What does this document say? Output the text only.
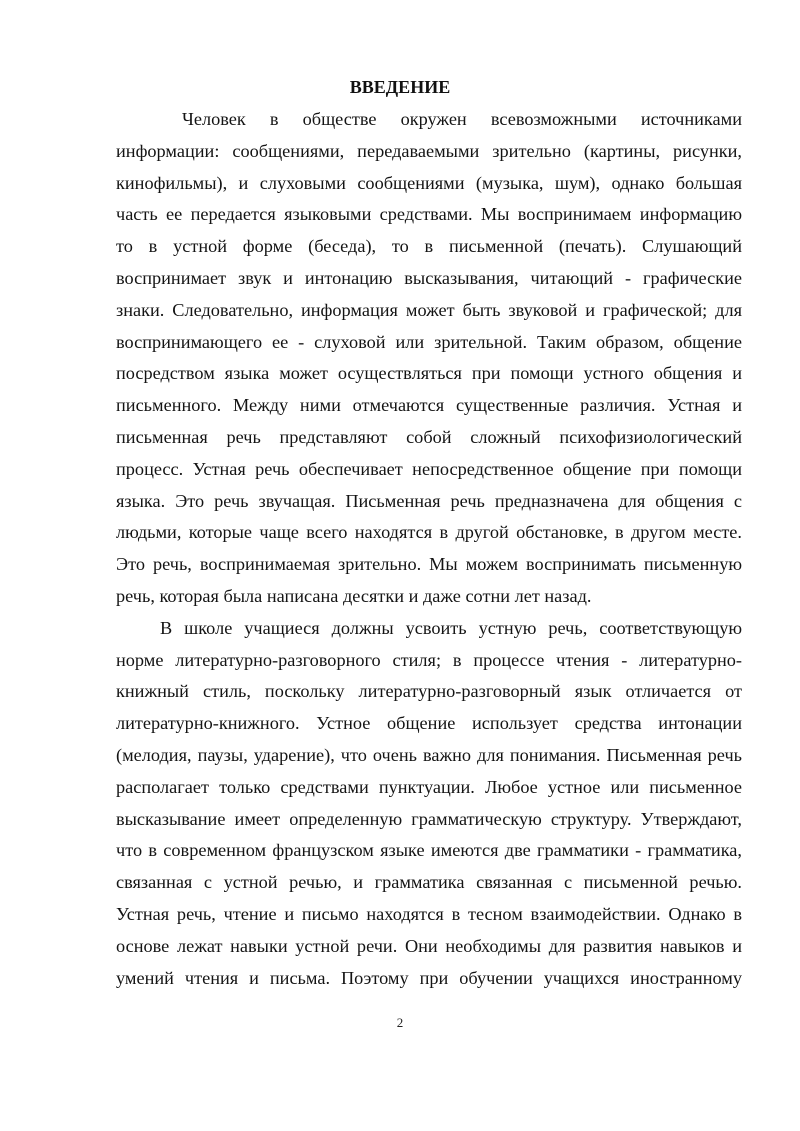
ВВЕДЕНИЕ
Человек в обществе окружен всевозможными источниками
информации: сообщениями, передаваемыми зрительно (картины, рисунки,
кинофильмы), и слуховыми сообщениями (музыка, шум), однако большая
часть ее передается языковыми средствами. Мы воспринимаем информацию
то в устной форме (беседа), то в письменной (печать). Слушающий
воспринимает звук и интонацию высказывания, читающий - графические
знаки. Следовательно, информация может быть звуковой и графической; для
воспринимающего ее - слуховой или зрительной. Таким образом, общение
посредством языка может осуществляться при помощи устного общения и
письменного. Между ними отмечаются существенные различия. Устная и
письменная речь представляют собой сложный психофизиологический
процесс. Устная речь обеспечивает непосредственное общение при помощи
языка. Это речь звучащая. Письменная речь предназначена для общения с
людьми, которые чаще всего находятся в другой обстановке, в другом месте.
Это речь, воспринимаемая зрительно. Мы можем воспринимать письменную
речь, которая была написана десятки и даже сотни лет назад.
В школе учащиеся должны усвоить устную речь, соответствующую
норме литературно-разговорного стиля; в процессе чтения - литературно-
книжный стиль, поскольку литературно-разговорный язык отличается от
литературно-книжного. Устное общение использует средства интонации
(мелодия, паузы, ударение), что очень важно для понимания. Письменная речь
располагает только средствами пунктуации. Любое устное или письменное
высказывание имеет определенную грамматическую структуру. Утверждают,
что в современном французском языке имеются две грамматики - грамматика,
связанная с устной речью, и грамматика связанная с письменной речью.
Устная речь, чтение и письмо находятся в тесном взаимодействии. Однако в
основе лежат навыки устной речи. Они необходимы для развития навыков и
умений чтения и письма. Поэтому при обучении учащихся иностранному
2
